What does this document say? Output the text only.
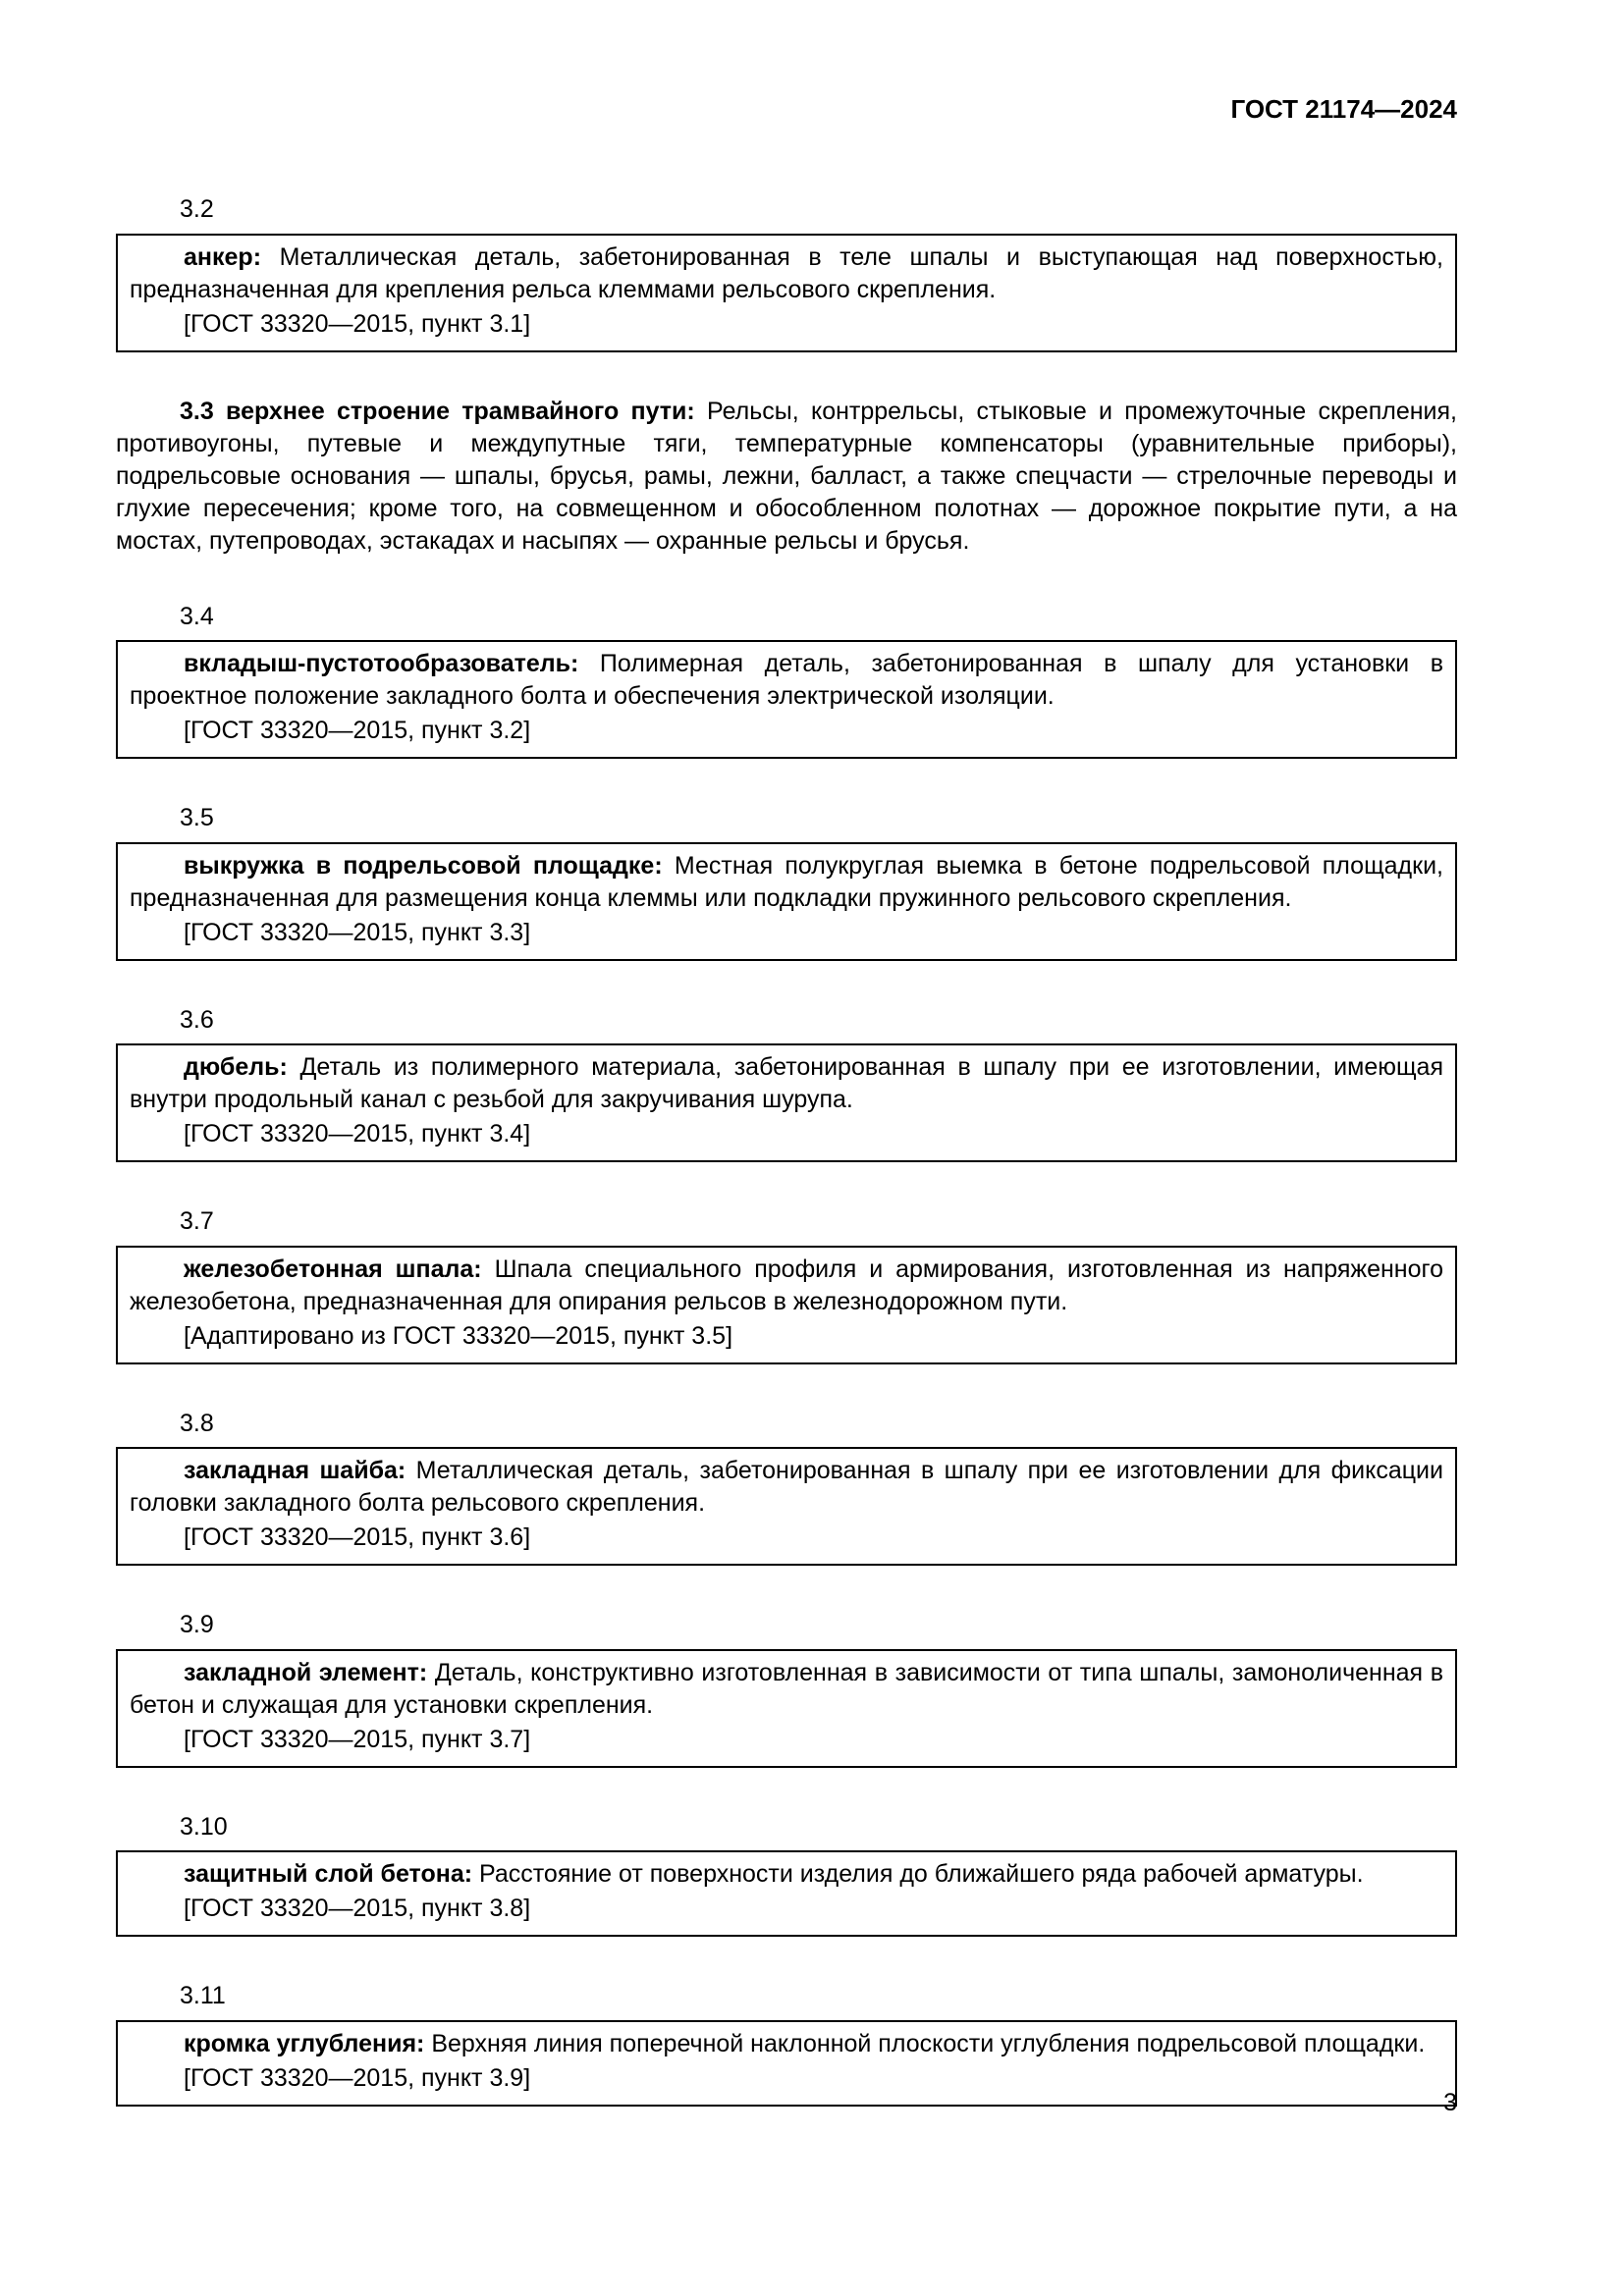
ГОСТ 21174—2024
3.2

анкер: Металлическая деталь, забетонированная в теле шпалы и выступающая над поверхностью, предназначенная для крепления рельса клеммами рельсового скрепления.

[ГОСТ 33320—2015, пункт 3.1]

3.3 верхнее строение трамвайного пути: Рельсы, контррельсы, стыковые и промежуточные скрепления, противоугоны, путевые и междупутные тяги, температурные компенсаторы (уравнительные приборы), подрельсовые основания — шпалы, брусья, рамы, лежни, балласт, а также спецчасти — стрелочные переводы и глухие пересечения; кроме того, на совмещенном и обособленном полотнах — дорожное покрытие пути, а на мостах, путепроводах, эстакадах и насыпях — охранные рельсы и брусья.

3.4

вкладыш-пустотообразователь: Полимерная деталь, забетонированная в шпалу для установки в проектное положение закладного болта и обеспечения электрической изоляции.

[ГОСТ 33320—2015, пункт 3.2]

3.5

выкружка в подрельсовой площадке: Местная полукруглая выемка в бетоне подрельсовой площадки, предназначенная для размещения конца клеммы или подкладки пружинного рельсового скрепления.

[ГОСТ 33320—2015, пункт 3.3]

3.6

дюбель: Деталь из полимерного материала, забетонированная в шпалу при ее изготовлении, имеющая внутри продольный канал с резьбой для закручивания шурупа.

[ГОСТ 33320—2015, пункт 3.4]

3.7

железобетонная шпала: Шпала специального профиля и армирования, изготовленная из напряженного железобетона, предназначенная для опирания рельсов в железнодорожном пути.

[Адаптировано из ГОСТ 33320—2015, пункт 3.5]

3.8

закладная шайба: Металлическая деталь, забетонированная в шпалу при ее изготовлении для фиксации головки закладного болта рельсового скрепления.

[ГОСТ 33320—2015, пункт 3.6]

3.9

закладной элемент: Деталь, конструктивно изготовленная в зависимости от типа шпалы, замоноличенная в бетон и служащая для установки скрепления.

[ГОСТ 33320—2015, пункт 3.7]

3.10

защитный слой бетона: Расстояние от поверхности изделия до ближайшего ряда рабочей арматуры.

[ГОСТ 33320—2015, пункт 3.8]

3.11

кромка углубления: Верхняя линия поперечной наклонной плоскости углубления подрельсовой площадки.

[ГОСТ 33320—2015, пункт 3.9]

3
